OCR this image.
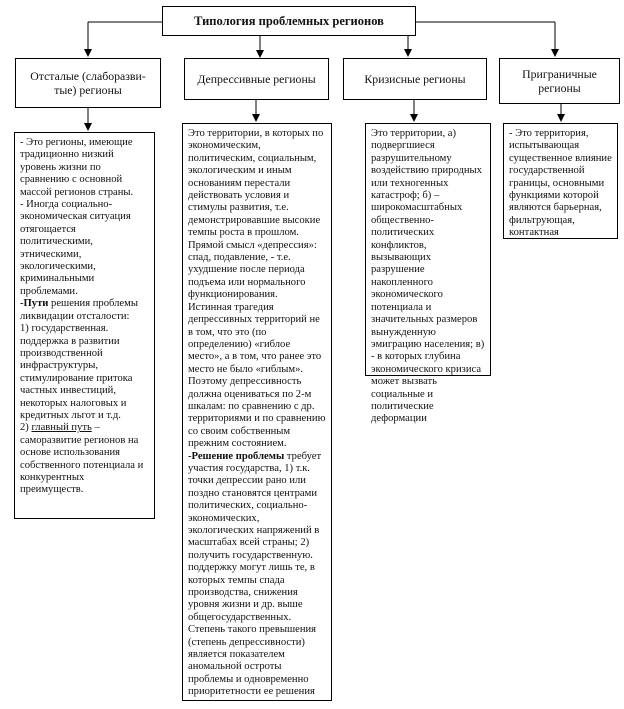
Типология проблемных регионов
Отсталые (слаборазви-тые) регионы
Депрессивные регионы	Кризисные регионы	Приграничные регионы

- Это регионы, имеющие традиционно низкий уровень жизни по сравнению с основной массой регионов страны.

- Иногда социально-экономическая ситуация отягощается политическими, этническими, экологическими, криминальными проблемами.

-Пути решения проблемы ликвидации отсталости:

1) государственная. поддержка в развитии производственной инфраструктуры, стимулирование притока частных инвестиций, некоторых налоговых и кредитных льгот и т.д.

2) главный путь – саморазвитие регионов на основе использования собственного потенциала и конкурентных преимуществ.

Это территории, в которых по экономическим, политическим, социальным, экологическим и иным основаниям перестали действовать условия и стимулы развития, т.е. демонстрировавшие высокие темпы роста в прошлом.

Прямой смысл «депрессия»: спад, подавление, - т.е. ухудшение после периода подъема или нормального функционирования.

Истинная трагедия депрессивных территорий не в том, что это (по определению) «гиблое место», а в том, что ранее это место не было «гиблым». Поэтому депрессивность должна оцениваться по 2-м шкалам: по сравнению с др. территориями и по сравнению со своим собственным прежним состоянием.

-Решение проблемы требует участия государства, 1) т.к. точки депрессии рано или поздно становятся центрами политических, социально-экономических, экологических напряжений в масштабах всей страны; 2) получить государственную. поддержку могут лишь те, в которых темпы спада производства, снижения уровня жизни и др. выше общегосударственных.

Степень такого превышения (степень депрессивности) является показателем аномальной остроты проблемы и одновременно приоритетности ее решения

Это территории, а) подвергшиеся разрушительному воздействию природных или техногенных катастроф; б) – широкомасштабных общественно- политических конфликтов, вызывающих разрушение накопленного экономического потенциала и значительных размеров вынужденную эмиграцию населения; в) - в которых глубина экономического кризиса может вызвать социальные и политические деформации

- Это территория, испытывающая существенное влияние государственной границы, основными функциями которой являются барьерная, фильтрующая, контактная
